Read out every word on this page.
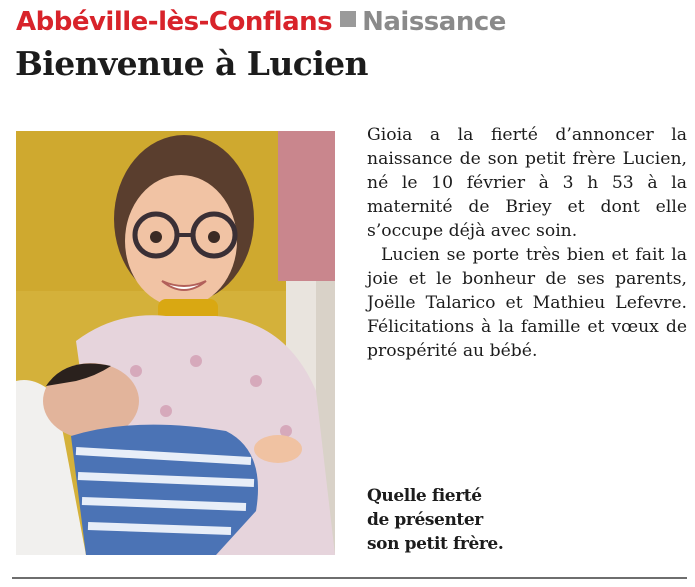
Abbéville-lès-Conflans Naissance
Bienvenue à Lucien

Gioia a la fierté d’annoncer la naissance de son petit frère Lucien, né le 10 février à 3 h 53 à la maternité de Briey et dont elle s’occupe déjà avec soin.

Lucien se porte très bien et fait la joie et le bonheur de ses parents, Joëlle Talarico et Mathieu Lefevre. Félicitations à la famille et vœux de prospérité au bébé.

Quelle fierté
de présenter
son petit frère.
